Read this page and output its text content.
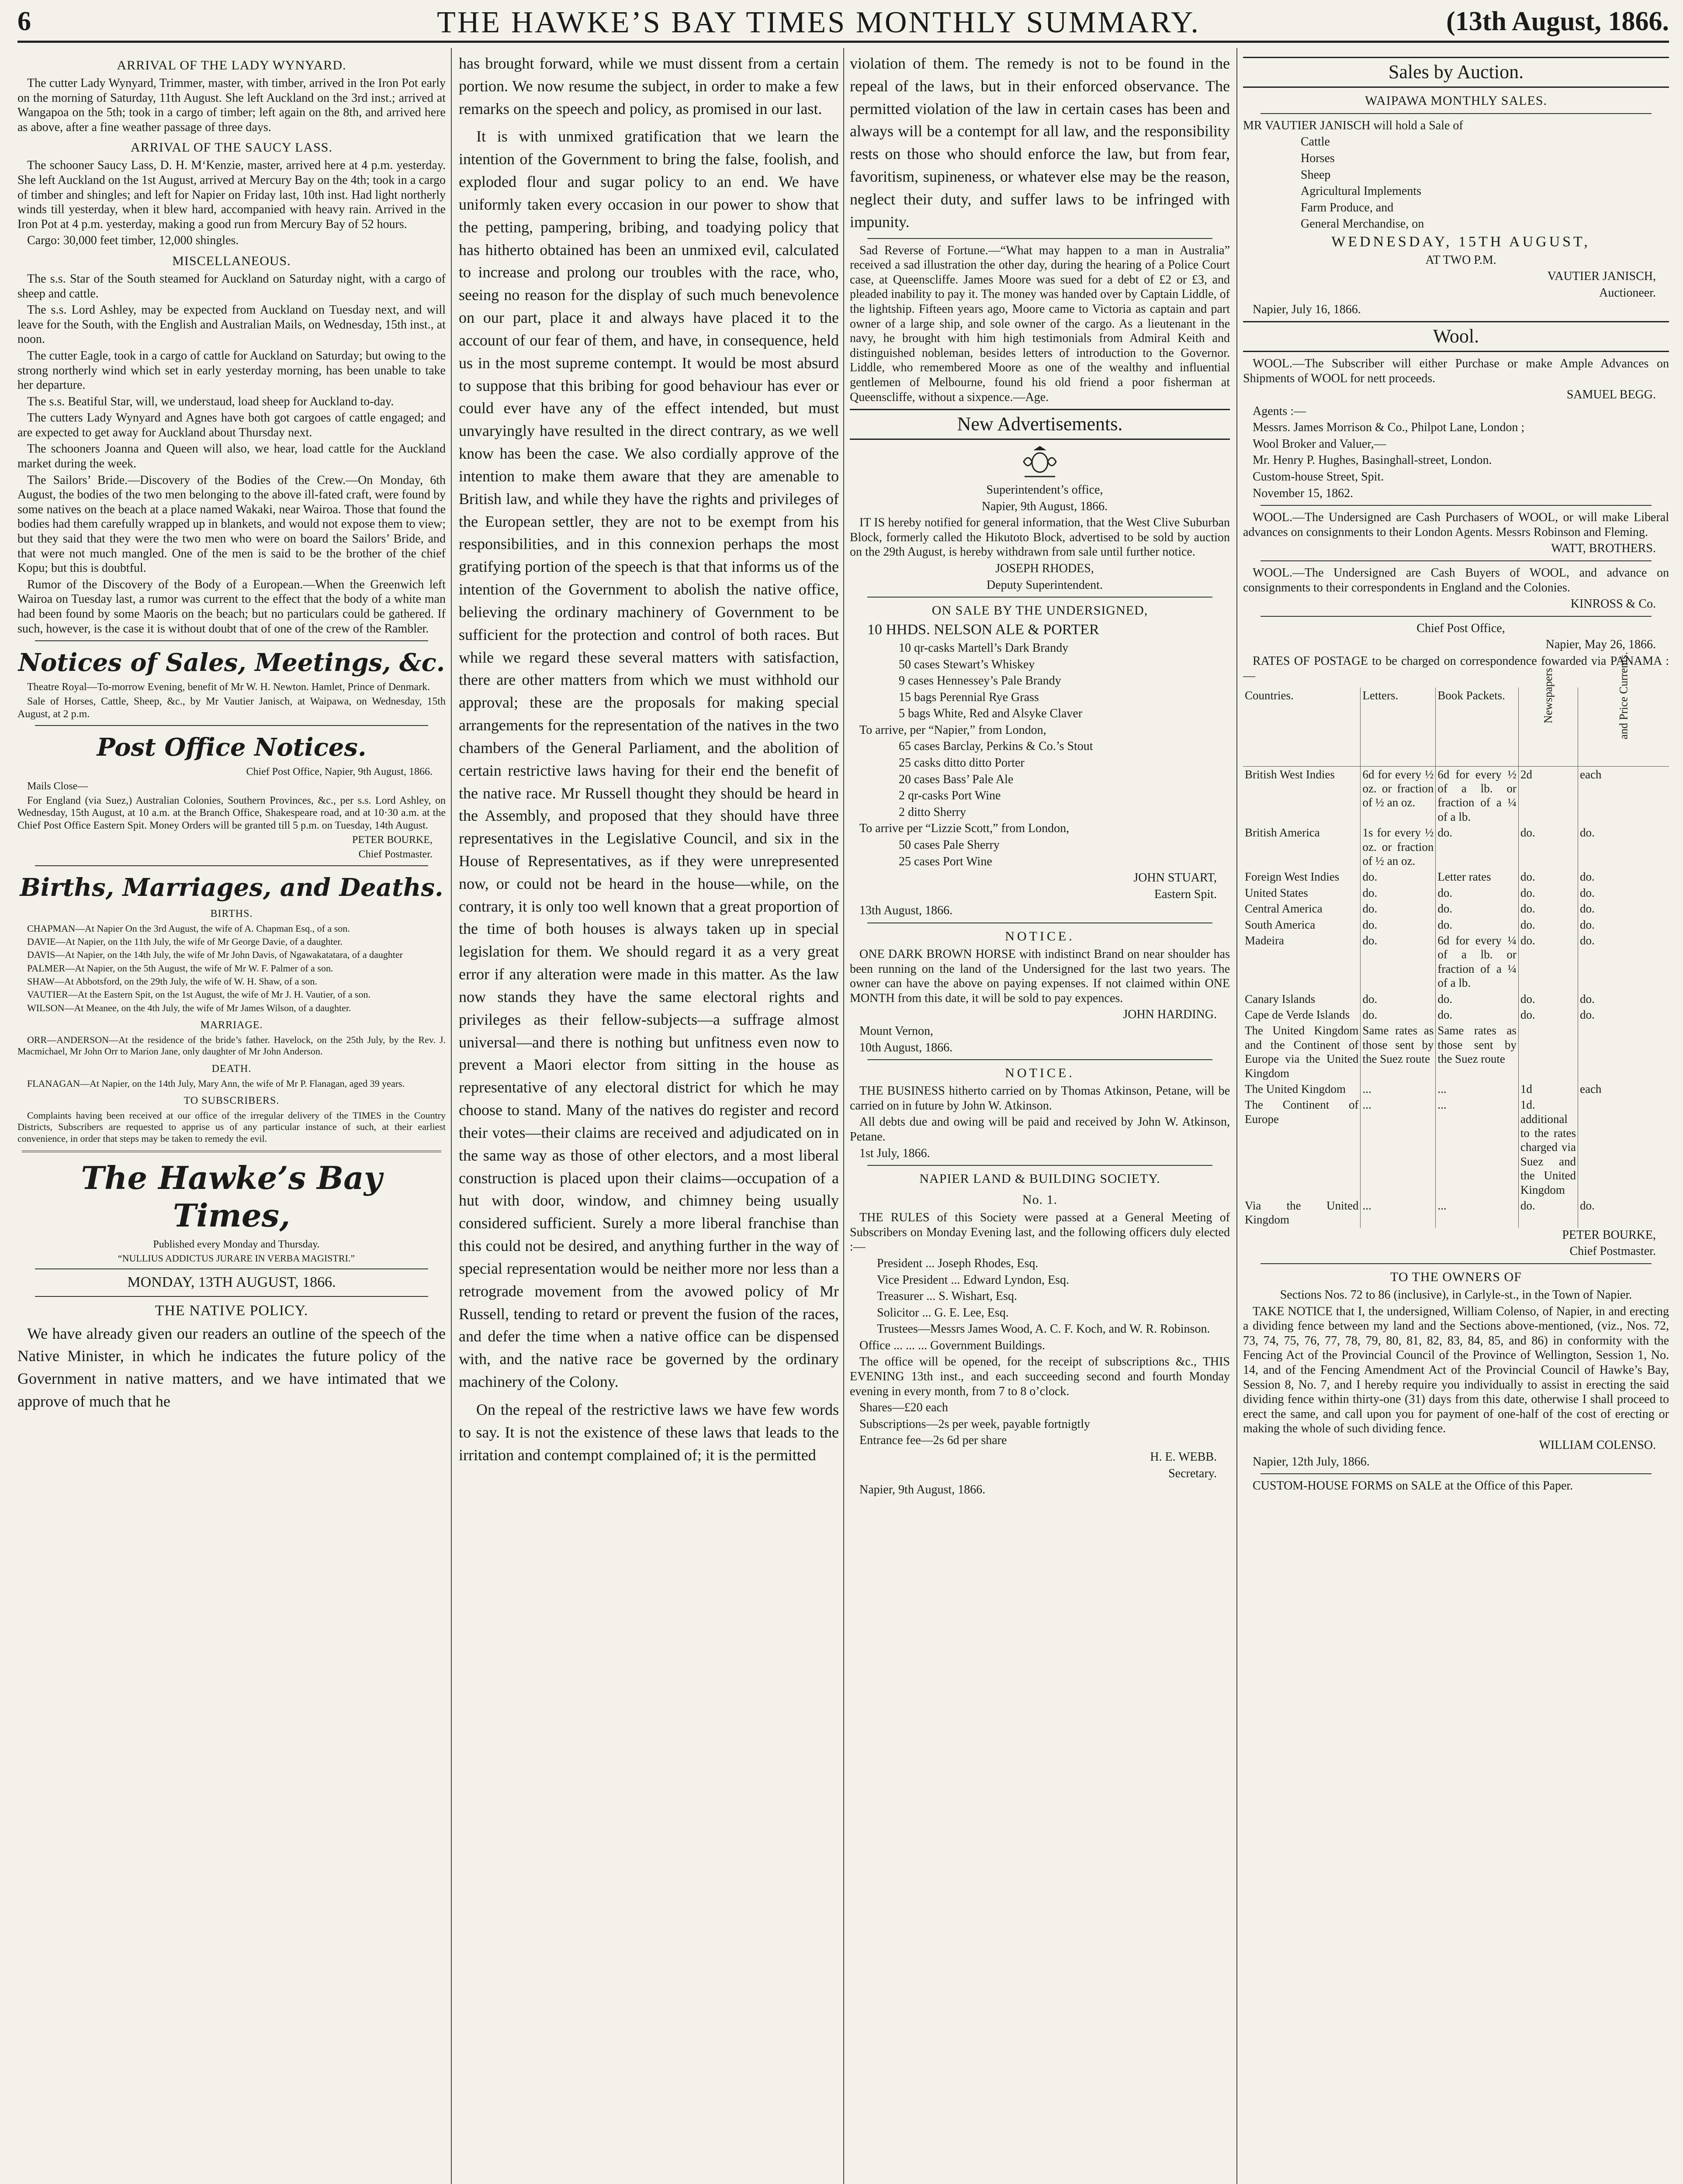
6	THE HAWKE’S BAY TIMES MONTHLY SUMMARY.	(13th August, 1866.
ARRIVAL OF THE LADY WYNYARD.

The cutter Lady Wynyard, Trimmer, master, with timber, arrived in the Iron Pot early on the morning of Saturday, 11th August. She left Auckland on the 3rd inst.; arrived at Wangapoa on the 5th; took in a cargo of timber; left again on the 8th, and arrived here as above, after a fine weather passage of three days.

ARRIVAL OF THE SAUCY LASS.

The schooner Saucy Lass, D. H. M‘Kenzie, master, arrived here at 4 p.m. yesterday. She left Auckland on the 1st August, arrived at Mercury Bay on the 4th; took in a cargo of timber and shingles; and left for Napier on Friday last, 10th inst. Had light northerly winds till yesterday, when it blew hard, accompanied with heavy rain. Arrived in the Iron Pot at 4 p.m. yesterday, making a good run from Mercury Bay of 52 hours.

Cargo: 30,000 feet timber, 12,000 shingles.

MISCELLANEOUS.

The s.s. Star of the South steamed for Auckland on Saturday night, with a cargo of sheep and cattle.

The s.s. Lord Ashley, may be expected from Auckland on Tuesday next, and will leave for the South, with the English and Australian Mails, on Wednesday, 15th inst., at noon.

The cutter Eagle, took in a cargo of cattle for Auckland on Saturday; but owing to the strong northerly wind which set in early yesterday morning, has been unable to take her departure.

The s.s. Beatiful Star, will, we understaud, load sheep for Auckland to-day.

The cutters Lady Wynyard and Agnes have both got cargoes of cattle engaged; and are expected to get away for Auckland about Thursday next.

The schooners Joanna and Queen will also, we hear, load cattle for the Auckland market during the week.

The Sailors’ Bride.—Discovery of the Bodies of the Crew.—On Monday, 6th August, the bodies of the two men belonging to the above ill-fated craft, were found by some natives on the beach at a place named Wakaki, near Wairoa. Those that found the bodies had them carefully wrapped up in blankets, and would not expose them to view; but they said that they were the two men who were on board the Sailors’ Bride, and that were not much mangled. One of the men is said to be the brother of the chief Kopu; but this is doubtful.

Rumor of the Discovery of the Body of a European.—When the Greenwich left Wairoa on Tuesday last, a rumor was current to the effect that the body of a white man had been found by some Maoris on the beach; but no particulars could be gathered. If such, however, is the case it is without doubt that of one of the crew of the Rambler.

Notices of Sales, Meetings, &c.

Theatre Royal—To-morrow Evening, benefit of Mr W. H. Newton. Hamlet, Prince of Denmark.

Sale of Horses, Cattle, Sheep, &c., by Mr Vautier Janisch, at Waipawa, on Wednesday, 15th August, at 2 p.m.

Post Office Notices.

Chief Post Office, Napier, 9th August, 1866.

Mails Close—

For England (via Suez,) Australian Colonies, Southern Provinces, &c., per s.s. Lord Ashley, on Wednesday, 15th August, at 10 a.m. at the Branch Office, Shakespeare road, and at 10·30 a.m. at the Chief Post Office Eastern Spit. Money Orders will be granted till 5 p.m. on Tuesday, 14th August.

PETER BOURKE,

Chief Postmaster.

Births, Marriages, and Deaths.
BIRTHS.

CHAPMAN—At Napier On the 3rd August, the wife of A. Chapman Esq., of a son.

DAVIE—At Napier, on the 11th July, the wife of Mr George Davie, of a daughter.

DAVIS—At Napier, on the 14th July, the wife of Mr John Davis, of Ngawakatatara, of a daughter

PALMER—At Napier, on the 5th August, the wife of Mr W. F. Palmer of a son.

SHAW—At Abbotsford, on the 29th July, the wife of W. H. Shaw, of a son.

VAUTIER—At the Eastern Spit, on the 1st August, the wife of Mr J. H. Vautier, of a son.

WILSON—At Meanee, on the 4th July, the wife of Mr James Wilson, of a daughter.

MARRIAGE.

ORR—ANDERSON—At the residence of the bride’s father. Havelock, on the 25th July, by the Rev. J. Macmichael, Mr John Orr to Marion Jane, only daughter of Mr John Anderson.

DEATH.

FLANAGAN—At Napier, on the 14th July, Mary Ann, the wife of Mr P. Flanagan, aged 39 years.

TO SUBSCRIBERS.

Complaints having been received at our office of the irregular delivery of the TIMES in the Country Districts, Subscribers are requested to apprise us of any particular instance of such, at their earliest convenience, in order that steps may be taken to remedy the evil.

The Hawke’s Bay Times,

Published every Monday and Thursday.

“NULLIUS ADDICTUS JURARE IN VERBA MAGISTRI.”

MONDAY, 13TH AUGUST, 1866.

THE NATIVE POLICY.

We have already given our readers an outline of the speech of the Native Minister, in which he indicates the future policy of the Government in native matters, and we have intimated that we approve of much that he

has brought forward, while we must dissent from a certain portion. We now resume the subject, in order to make a few remarks on the speech and policy, as promised in our last.

It is with unmixed gratification that we learn the intention of the Government to bring the false, foolish, and exploded flour and sugar policy to an end. We have uniformly taken every occasion in our power to show that the petting, pampering, bribing, and toadying policy that has hitherto obtained has been an unmixed evil, calculated to increase and prolong our troubles with the race, who, seeing no reason for the display of such much benevolence on our part, place it and always have placed it to the account of our fear of them, and have, in consequence, held us in the most supreme contempt. It would be most absurd to suppose that this bribing for good behaviour has ever or could ever have any of the effect intended, but must unvaryingly have resulted in the direct contrary, as we well know has been the case. We also cordially approve of the intention to make them aware that they are amenable to British law, and while they have the rights and privileges of the European settler, they are not to be exempt from his responsibilities, and in this connexion perhaps the most gratifying portion of the speech is that that informs us of the intention of the Government to abolish the native office, believing the ordinary machinery of Government to be sufficient for the protection and control of both races. But while we regard these several matters with satisfaction, there are other matters from which we must withhold our approval; these are the proposals for making special arrangements for the representation of the natives in the two chambers of the General Parliament, and the abolition of certain restrictive laws having for their end the benefit of the native race. Mr Russell thought they should be heard in the Assembly, and proposed that they should have three representatives in the Legislative Council, and six in the House of Representatives, as if they were unrepresented now, or could not be heard in the house—while, on the contrary, it is only too well known that a great proportion of the time of both houses is always taken up in special legislation for them. We should regard it as a very great error if any alteration were made in this matter. As the law now stands they have the same electoral rights and privileges as their fellow-subjects—a suffrage almost universal—and there is nothing but unfitness even now to prevent a Maori elector from sitting in the house as representative of any electoral district for which he may choose to stand. Many of the natives do register and record their votes—their claims are received and adjudicated on in the same way as those of other electors, and a most liberal construction is placed upon their claims—occupation of a hut with door, window, and chimney being usually considered sufficient. Surely a more liberal franchise than this could not be desired, and anything further in the way of special representation would be neither more nor less than a retrograde movement from the avowed policy of Mr Russell, tending to retard or prevent the fusion of the races, and defer the time when a native office can be dispensed with, and the native race be governed by the ordinary machinery of the Colony.

On the repeal of the restrictive laws we have few words to say. It is not the existence of these laws that leads to the irritation and contempt complained of; it is the permitted

violation of them. The remedy is not to be found in the repeal of the laws, but in their enforced observance. The permitted violation of the law in certain cases has been and always will be a contempt for all law, and the responsibility rests on those who should enforce the law, but from fear, favoritism, supineness, or whatever else may be the reason, neglect their duty, and suffer laws to be infringed with impunity.

Sad Reverse of Fortune.—“What may happen to a man in Australia” received a sad illustration the other day, during the hearing of a Police Court case, at Queenscliffe. James Moore was sued for a debt of £2 or £3, and pleaded inability to pay it. The money was handed over by Captain Liddle, of the lightship. Fifteen years ago, Moore came to Victoria as captain and part owner of a large ship, and sole owner of the cargo. As a lieutenant in the navy, he brought with him high testimonials from Admiral Keith and distinguished nobleman, besides letters of introduction to the Governor. Liddle, who remembered Moore as one of the wealthy and influential gentlemen of Melbourne, found his old friend a poor fisherman at Queenscliffe, without a sixpence.—Age.

New Advertisements.

Superintendent’s office,

Napier, 9th August, 1866.

IT IS hereby notified for general information, that the West Clive Suburban Block, formerly called the Hikutoto Block, advertised to be sold by auction on the 29th August, is hereby withdrawn from sale until further notice.

JOSEPH RHODES,

Deputy Superintendent.

ON SALE BY THE UNDERSIGNED,

10 HHDS. NELSON ALE & PORTER

10 qr-casks Martell’s Dark Brandy

50 cases Stewart’s Whiskey

9 cases Hennessey’s Pale Brandy

15 bags Perennial Rye Grass

5 bags White, Red and Alsyke Claver

To arrive, per “Napier,” from London,

65 cases Barclay, Perkins & Co.’s Stout

25 casks ditto ditto Porter

20 cases Bass’ Pale Ale

2 qr-casks Port Wine

2 ditto Sherry

To arrive per “Lizzie Scott,” from London,

50 cases Pale Sherry

25 cases Port Wine

JOHN STUART,

Eastern Spit.

13th August, 1866.

NOTICE.

ONE DARK BROWN HORSE with indistinct Brand on near shoulder has been running on the land of the Undersigned for the last two years. The owner can have the above on paying expenses. If not claimed within ONE MONTH from this date, it will be sold to pay expences.

JOHN HARDING.

Mount Vernon,

10th August, 1866.

NOTICE.

THE BUSINESS hitherto carried on by Thomas Atkinson, Petane, will be carried on in future by John W. Atkinson.

All debts due and owing will be paid and received by John W. Atkinson, Petane.

1st July, 1866.

NAPIER LAND & BUILDING SOCIETY.
No. 1.

THE RULES of this Society were passed at a General Meeting of Subscribers on Monday Evening last, and the following officers duly elected :—

President ... Joseph Rhodes, Esq.

Vice President ... Edward Lyndon, Esq.

Treasurer ... S. Wishart, Esq.

Solicitor ... G. E. Lee, Esq.

Trustees—Messrs James Wood, A. C. F. Koch, and W. R. Robinson.

Office ... ... ... Government Buildings.

The office will be opened, for the receipt of subscriptions &c., THIS EVENING 13th inst., and each succeeding second and fourth Monday evening in every month, from 7 to 8 o’clock.

Shares—£20 each

Subscriptions—2s per week, payable fortnigtly

Entrance fee—2s 6d per share

H. E. WEBB.

Secretary.

Napier, 9th August, 1866.

Sales by Auction.
WAIPAWA MONTHLY SALES.

MR VAUTIER JANISCH will hold a Sale of

Cattle

Horses

Sheep

Agricultural Implements

Farm Produce, and

General Merchandise, on

WEDNESDAY, 15TH AUGUST,

AT TWO P.M.

VAUTIER JANISCH,

Auctioneer.

Napier, July 16, 1866.

Wool.

WOOL.—The Subscriber will either Purchase or make Ample Advances on Shipments of WOOL for nett proceeds.

SAMUEL BEGG.

Agents :—

Messrs. James Morrison & Co., Philpot Lane, London ;

Wool Broker and Valuer,—

Mr. Henry P. Hughes, Basinghall-street, London.

Custom-house Street, Spit.

November 15, 1862.

WOOL.—The Undersigned are Cash Purchasers of WOOL, or will make Liberal advances on consignments to their London Agents. Messrs Robinson and Fleming.

WATT, BROTHERS.

WOOL.—The Undersigned are Cash Buyers of WOOL, and advance on consignments to their correspondents in England and the Colonies.

KINROSS & Co.

Chief Post Office,

Napier, May 26, 1866.

RATES OF POSTAGE to be charged on correspondence fowarded via PANAMA :—

Countries.	Letters.	Book Packets.	Newspapers	and Price Currents.
British West Indies	6d for every ½ oz. or fraction of ½ an oz.	6d for every ½ of a lb. or fraction of a ¼ of a lb.	2d	each
British America	1s for every ½ oz. or fraction of ½ an oz.	do.	do.	do.
Foreign West Indies	do.	Letter rates	do.	do.
United States	do.	do.	do.	do.
Central America	do.	do.	do.	do.
South America	do.	do.	do.	do.
Madeira	do.	6d for every ¼ of a lb. or fraction of a ¼ of a lb.	do.	do.
Canary Islands	do.	do.	do.	do.
Cape de Verde Islands	do.	do.	do.	do.
The United Kingdom and the Continent of Europe via the United Kingdom	Same rates as those sent by the Suez route	Same rates as those sent by the Suez route		
The United Kingdom	...	...	1d	each
The Continent of Europe	...	...	1d. additional to the rates charged via Suez and the United Kingdom	
Via the United Kingdom	...	...	do.	do.

PETER BOURKE,

Chief Postmaster.

TO THE OWNERS OF

Sections Nos. 72 to 86 (inclusive), in Carlyle-st., in the Town of Napier.

TAKE NOTICE that I, the undersigned, William Colenso, of Napier, in and erecting a dividing fence between my land and the Sections above-mentioned, (viz., Nos. 72, 73, 74, 75, 76, 77, 78, 79, 80, 81, 82, 83, 84, 85, and 86) in conformity with the Fencing Act of the Provincial Council of the Province of Wellington, Session 1, No. 14, and of the Fencing Amendment Act of the Provincial Council of Hawke’s Bay, Session 8, No. 7, and I hereby require you individually to assist in erecting the said dividing fence within thirty-one (31) days from this date, otherwise I shall proceed to erect the same, and call upon you for payment of one-half of the cost of erecting or making the whole of such dividing fence.

WILLIAM COLENSO.

Napier, 12th July, 1866.

CUSTOM-HOUSE FORMS on SALE at the Office of this Paper.
